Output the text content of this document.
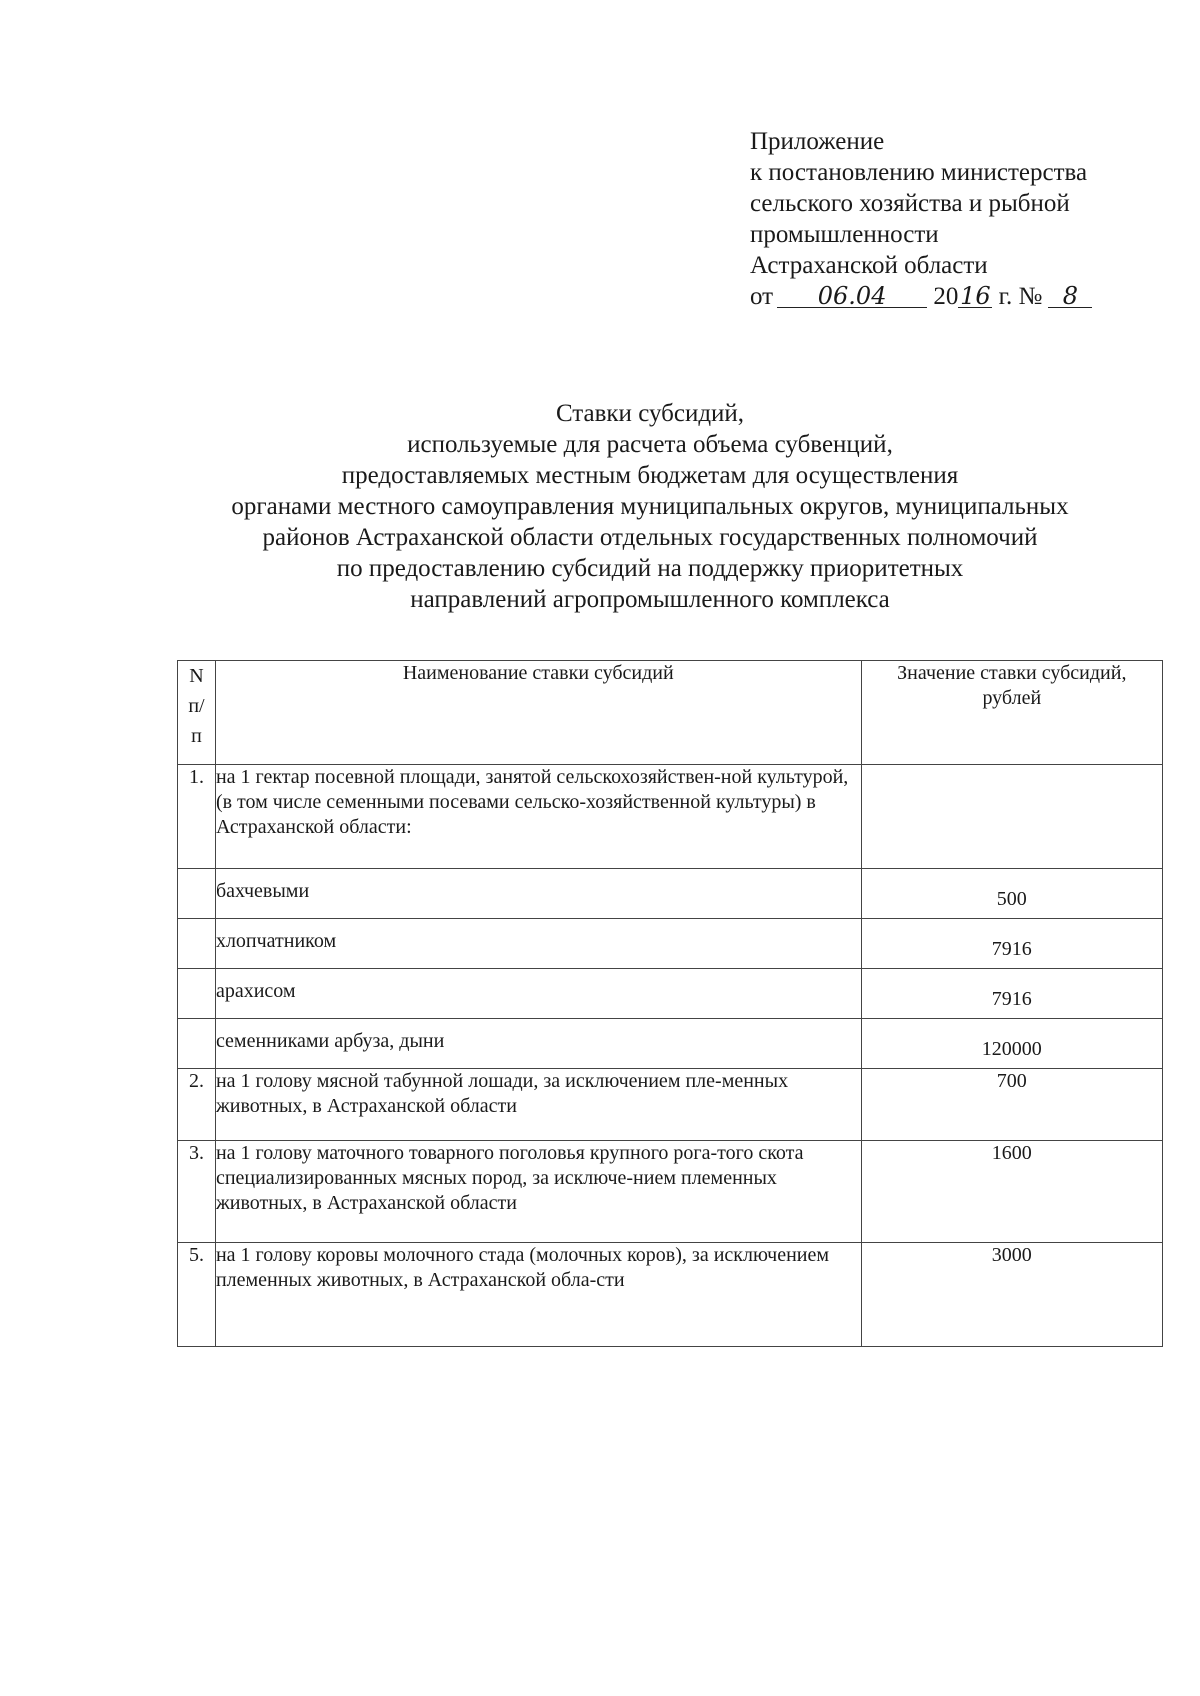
Приложение
к постановлению министерства
сельского хозяйства и рыбной
промышленности
Астраханской области
от 06.04 2016 г. № 8
Ставки субсидий,
используемые для расчета объема субвенций,
предоставляемых местным бюджетам для осуществления
органами местного самоуправления муниципальных округов, муниципальных
районов Астраханской области отдельных государственных полномочий
по предоставлению субсидий на поддержку приоритетных
направлений агропромышленного комплекса
N
п/
п	Наименование ставки субсидий	Значение ставки субсидий,
рублей
1.	на 1 гектар посевной площади, занятой сельскохозяйствен-ной культурой, (в том числе семенными посевами сельско-хозяйственной культуры) в Астраханской области:	
	бахчевыми	500
	хлопчатником	7916
	арахисом	7916
	семенниками арбуза, дыни	120000
2.	на 1 голову мясной табунной лошади, за исключением пле-менных животных, в Астраханской области	700
3.	на 1 голову маточного товарного поголовья крупного рога-того скота специализированных мясных пород, за исключе-нием племенных животных, в Астраханской области	1600
5.	на 1 голову коровы молочного стада (молочных коров), за исключением племенных животных, в Астраханской обла-сти	3000
